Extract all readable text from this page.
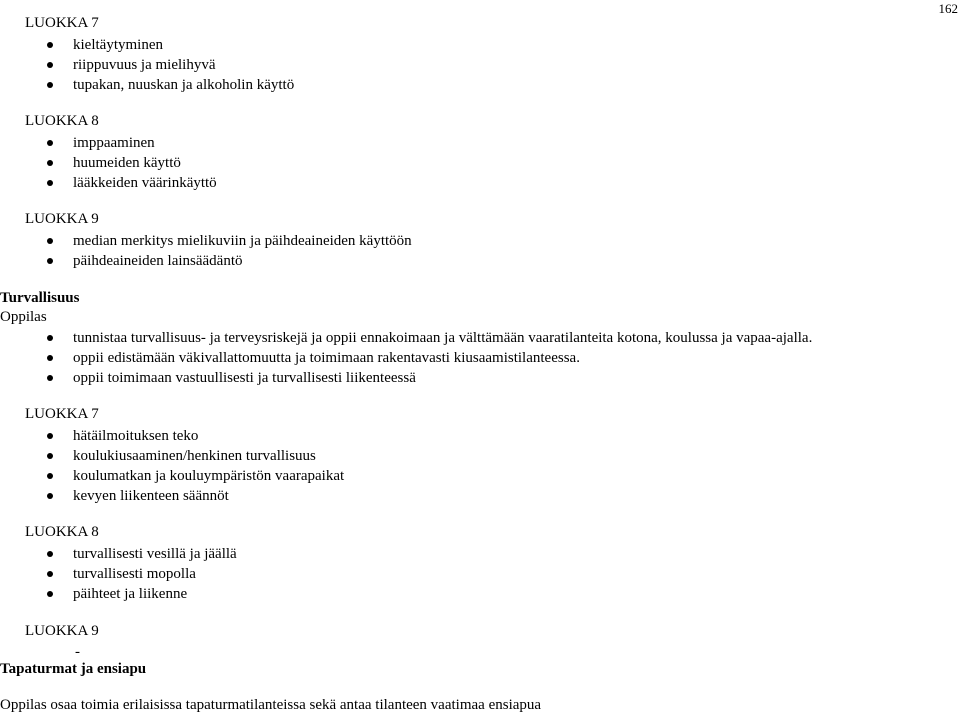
162
LUOKKA 7
kieltäytyminen
riippuvuus ja mielihyvä
tupakan, nuuskan ja alkoholin käyttö
LUOKKA 8
imppaaminen
huumeiden käyttö
lääkkeiden väärinkäyttö
LUOKKA 9
median merkitys mielikuviin ja päihdeaineiden käyttöön
päihdeaineiden lainsäädäntö
Turvallisuus
Oppilas
tunnistaa turvallisuus- ja terveysriskejä ja oppii ennakoimaan ja välttämään vaaratilanteita kotona, koulussa ja vapaa-ajalla.
oppii edistämään väkivallattomuutta ja toimimaan rakentavasti kiusaamistilanteessa.
oppii toimimaan vastuullisesti ja turvallisesti liikenteessä
LUOKKA 7
hätäilmoituksen teko
koulukiusaaminen/henkinen turvallisuus
koulumatkan ja kouluympäristön vaarapaikat
kevyen liikenteen säännöt
LUOKKA 8
turvallisesti vesillä ja jäällä
turvallisesti mopolla
päihteet ja liikenne
LUOKKA 9
-
Tapaturmat ja ensiapu
Oppilas osaa toimia erilaisissa tapaturmatilanteissa sekä antaa tilanteen vaatimaa ensiapua
